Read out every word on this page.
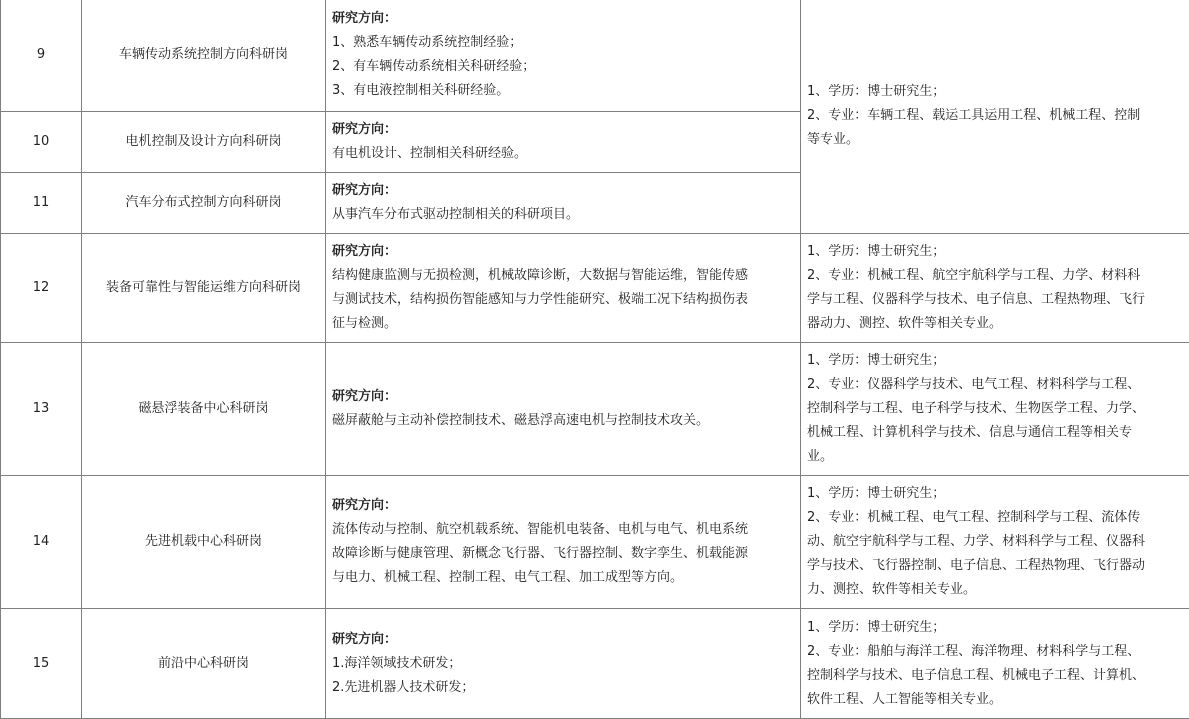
9	车辆传动系统控制方向科研岗	研究方向：
1、熟悉车辆传动系统控制经验；
2、有车辆传动系统相关科研经验；
3、有电液控制相关科研经验。	1、学历：博士研究生；
2、专业：车辆工程、载运工具运用工程、机械工程、控制
等专业。

10	电机控制及设计方向科研岗	研究方向：
有电机设计、控制相关科研经验。	

11	汽车分布式控制方向科研岗	研究方向：
从事汽车分布式驱动控制相关的科研项目。	

12	装备可靠性与智能运维方向科研岗	研究方向：
结构健康监测与无损检测，机械故障诊断，大数据与智能运维，智能传感
与测试技术，结构损伤智能感知与力学性能研究、极端工况下结构损伤表
征与检测。	1、学历：博士研究生；
2、专业：机械工程、航空宇航科学与工程、力学、材料科
学与工程、仪器科学与技术、电子信息、工程热物理、飞行
器动力、测控、软件等相关专业。

13	磁悬浮装备中心科研岗	研究方向：
磁屏蔽舱与主动补偿控制技术、磁悬浮高速电机与控制技术攻关。	1、学历：博士研究生；
2、专业：仪器科学与技术、电气工程、材料科学与工程、
控制科学与工程、电子科学与技术、生物医学工程、力学、
机械工程、计算机科学与技术、信息与通信工程等相关专
业。

14	先进机载中心科研岗	研究方向：
流体传动与控制、航空机载系统、智能机电装备、电机与电气、机电系统
故障诊断与健康管理、新概念飞行器、飞行器控制、数字孪生、机载能源
与电力、机械工程、控制工程、电气工程、加工成型等方向。	1、学历：博士研究生；
2、专业：机械工程、电气工程、控制科学与工程、流体传
动、航空宇航科学与工程、力学、材料科学与工程、仪器科
学与技术、飞行器控制、电子信息、工程热物理、飞行器动
力、测控、软件等相关专业。

15	前沿中心科研岗	研究方向：
1.海洋领域技术研发；
2.先进机器人技术研发；	1、学历：博士研究生；
2、专业：船舶与海洋工程、海洋物理、材料科学与工程、
控制科学与技术、电子信息工程、机械电子工程、计算机、
软件工程、人工智能等相关专业。
